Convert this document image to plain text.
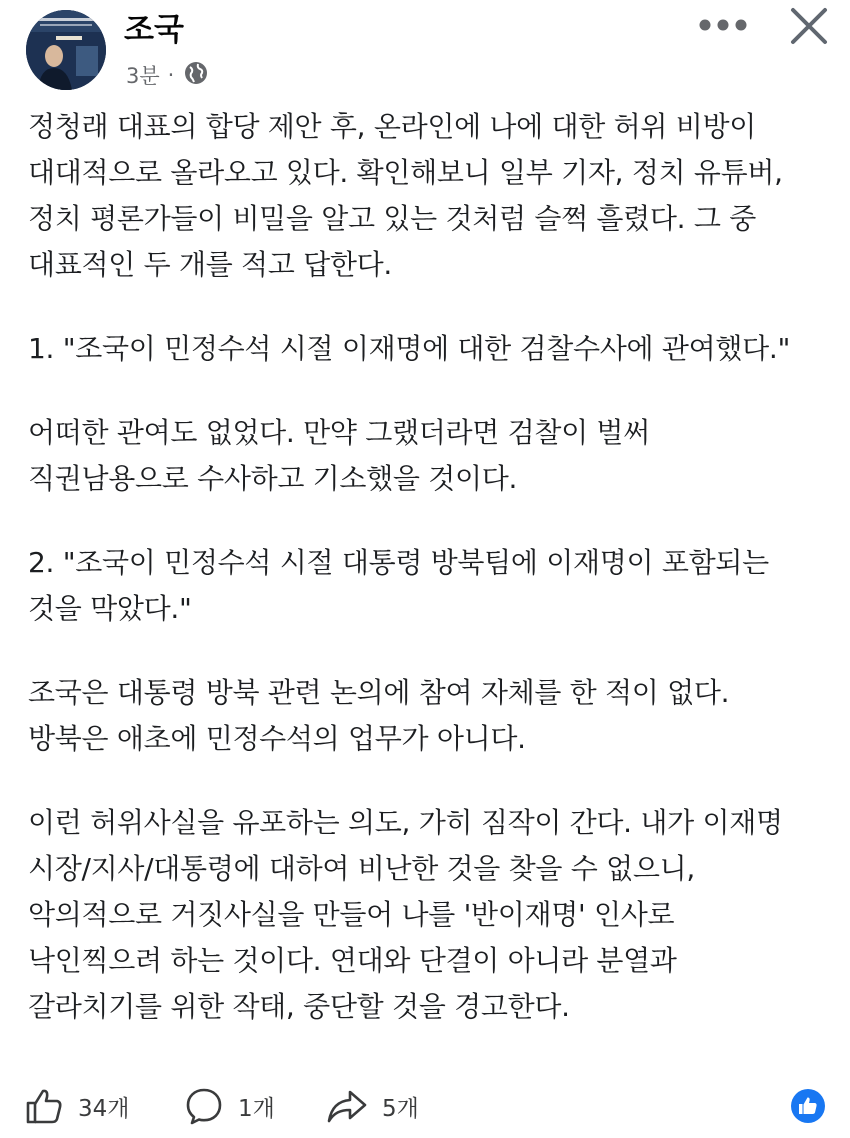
조국
3분 ·

정청래 대표의 합당 제안 후, 온라인에 나에 대한 허위 비방이

대대적으로 올라오고 있다. 확인해보니 일부 기자, 정치 유튜버,

정치 평론가들이 비밀을 알고 있는 것처럼 슬쩍 흘렸다. 그 중

대표적인 두 개를 적고 답한다.

1. "조국이 민정수석 시절 이재명에 대한 검찰수사에 관여했다."

어떠한 관여도 없었다. 만약 그랬더라면 검찰이 벌써

직권남용으로 수사하고 기소했을 것이다.

2. "조국이 민정수석 시절 대통령 방북팀에 이재명이 포함되는

것을 막았다."

조국은 대통령 방북 관련 논의에 참여 자체를 한 적이 없다.

방북은 애초에 민정수석의 업무가 아니다.

이런 허위사실을 유포하는 의도, 가히 짐작이 간다. 내가 이재명

시장/지사/대통령에 대하여 비난한 것을 찾을 수 없으니,

악의적으로 거짓사실을 만들어 나를 '반이재명' 인사로

낙인찍으려 하는 것이다. 연대와 단결이 아니라 분열과

갈라치기를 위한 작태, 중단할 것을 경고한다.

34개	1개	5개
